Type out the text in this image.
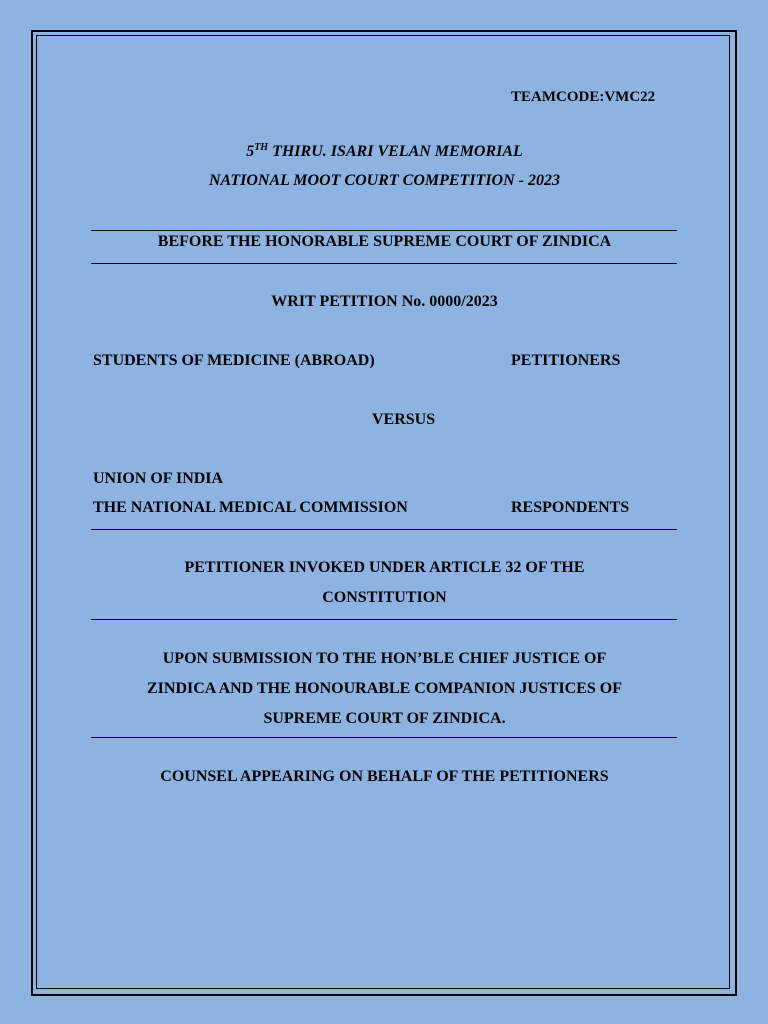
TEAMCODE:VMC22
5TH THIRU. ISARI VELAN MEMORIAL
NATIONAL MOOT COURT COMPETITION - 2023
BEFORE THE HONORABLE SUPREME COURT OF ZINDICA
WRIT PETITION No. 0000/2023
STUDENTS OF MEDICINE (ABROAD)	PETITIONERS
VERSUS
UNION OF INDIA
THE NATIONAL MEDICAL COMMISSION	RESPONDENTS
PETITIONER INVOKED UNDER ARTICLE 32 OF THE
CONSTITUTION
UPON SUBMISSION TO THE HON’BLE CHIEF JUSTICE OF
ZINDICA AND THE HONOURABLE COMPANION JUSTICES OF
SUPREME COURT OF ZINDICA.
COUNSEL APPEARING ON BEHALF OF THE PETITIONERS
